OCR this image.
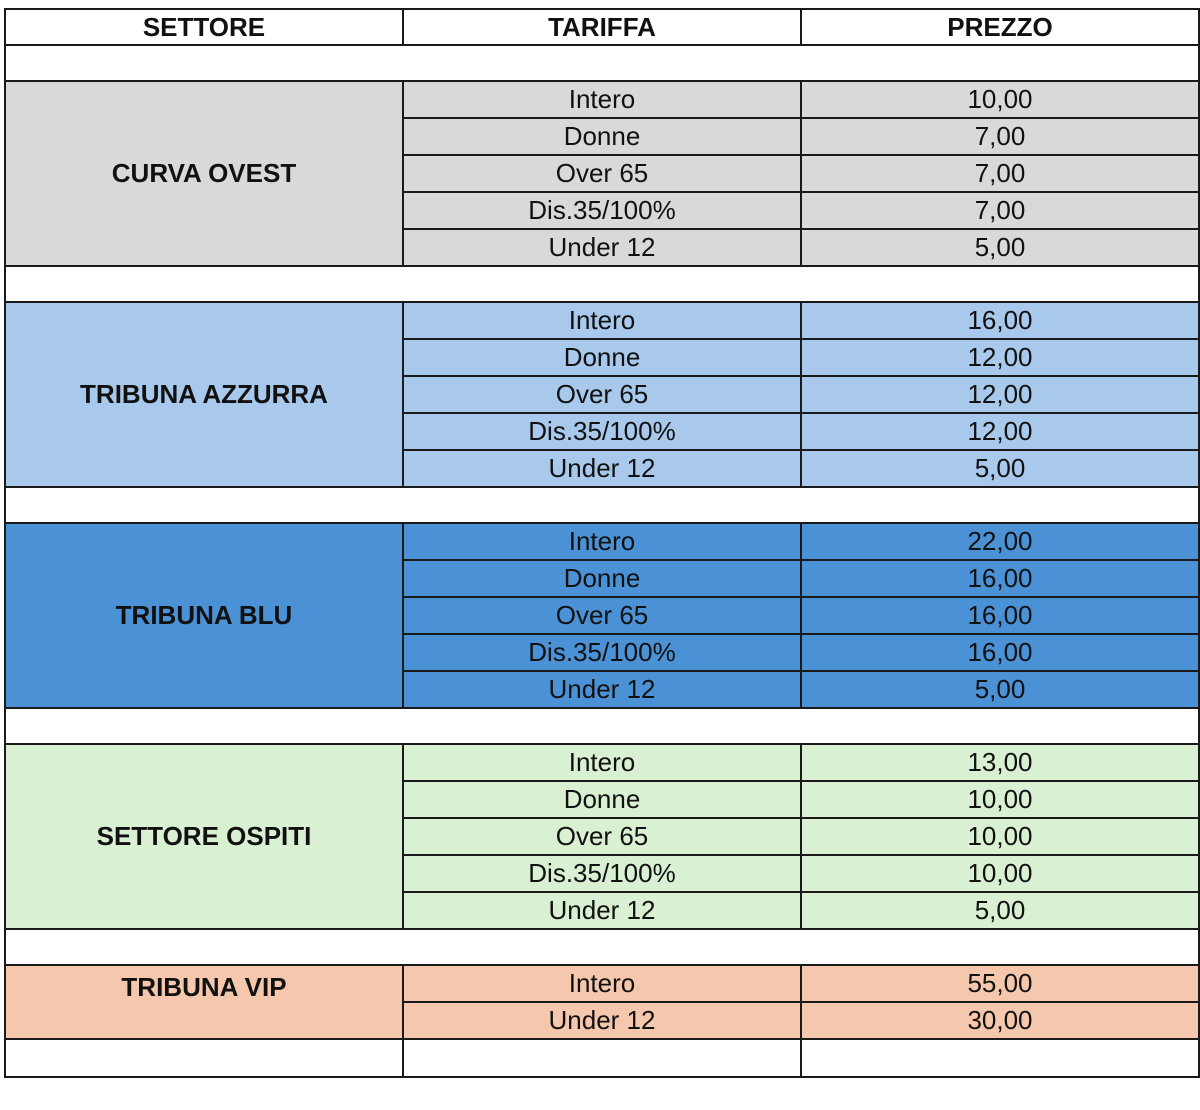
SETTORE	TARIFFA	PREZZO

CURVA OVEST	Intero	10,00
	Donne	7,00
	Over 65	7,00
	Dis.35/100%	7,00
	Under 12	5,00

TRIBUNA AZZURRA	Intero	16,00
	Donne	12,00
	Over 65	12,00
	Dis.35/100%	12,00
	Under 12	5,00

TRIBUNA BLU	Intero	22,00
	Donne	16,00
	Over 65	16,00
	Dis.35/100%	16,00
	Under 12	5,00

SETTORE OSPITI	Intero	13,00
	Donne	10,00
	Over 65	10,00
	Dis.35/100%	10,00
	Under 12	5,00

TRIBUNA VIP	Intero	55,00
	Under 12	30,00
